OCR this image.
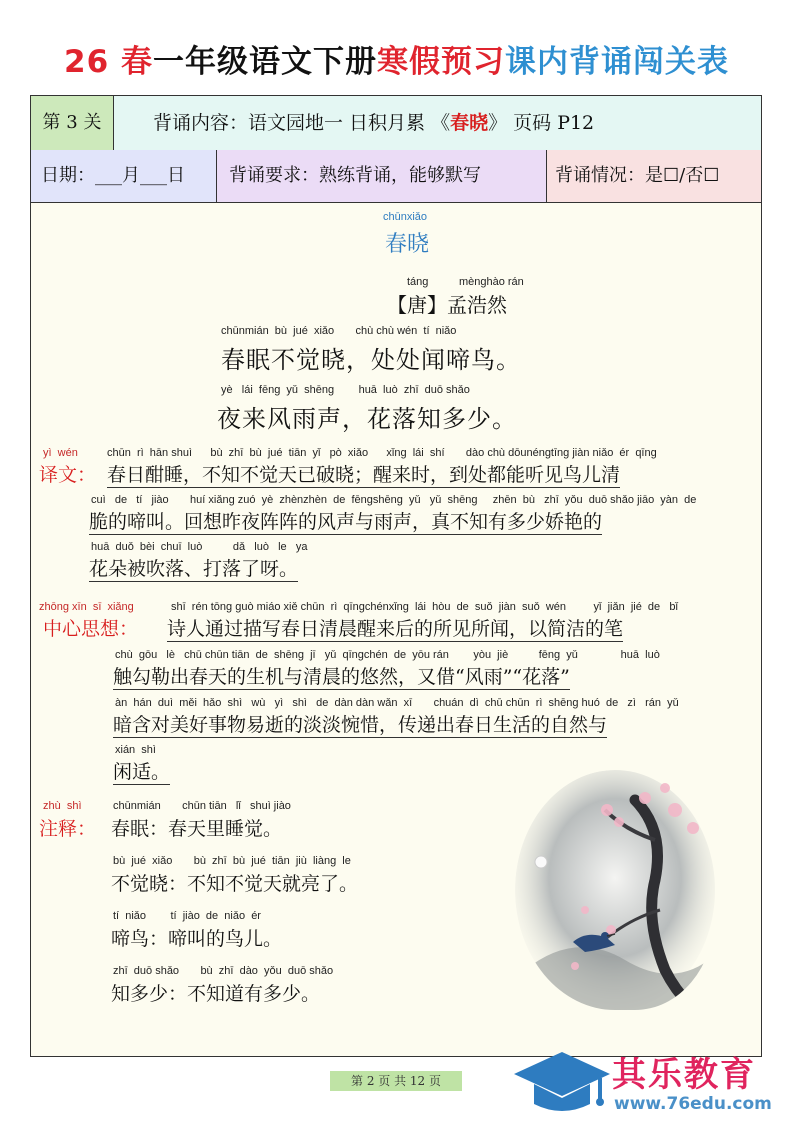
26 春一年级语文下册寒假预习课内背诵闯关表
第 3 关	背诵内容：语文园地一 日积月累 《春晓》 页码 P12
日期：___月___日	背诵要求：熟练背诵，能够默写	背诵情况：是☐/否☐
chūnxiǎo
春晓
táng          mènghào rán
【唐】孟浩然
chūnmián  bù  jué  xiǎo       chù chù wén  tí  niǎo
春眠不觉晓，处处闻啼鸟。
yè   lái  fēng  yǔ  shēng        huā  luò  zhī  duō shǎo
夜来风雨声，花落知多少。
yì  wén
译文：
chūn  rì  hān shuì      bù  zhī  bù  jué  tiān  yǐ   pò  xiǎo      xǐng  lái  shí       dào chù dōunéngtīng jiàn niǎo  ér  qīng
春日酣睡，不知不觉天已破晓；醒来时，到处都能听见鸟儿清
cuì   de   tí   jiào       huí xiǎng zuó  yè  zhènzhèn  de  fēngshēng  yǔ   yǔ  shēng     zhēn  bù   zhī  yǒu  duō shǎo jiāo  yàn  de
脆的啼叫。回想昨夜阵阵的风声与雨声，真不知有多少娇艳的
huā  duǒ  bèi  chuī  luò          dǎ   luò   le   ya
花朵被吹落、打落了呀。
zhōng xīn  sī  xiǎng
中心思想：
shī  rén tōng guò miáo xiě chūn  rì  qīngchénxǐng  lái  hòu  de  suǒ  jiàn  suǒ  wén         yǐ  jiǎn  jié  de   bǐ
诗人通过描写春日清晨醒来后的所见所闻，以简洁的笔
chù  gōu   lè   chū chūn tiān  de  shēng  jī   yǔ  qīngchén  de  yōu rán        yòu  jiè          fēng  yǔ              huā  luò
触勾勒出春天的生机与清晨的悠然，又借“风雨”“花落”
àn  hán  duì  měi  hǎo  shì   wù   yì   shì   de  dàn dàn wǎn  xī       chuán  dì  chū chūn  rì  shēng huó  de   zì   rán  yǔ
暗含对美好事物易逝的淡淡惋惜，传递出春日生活的自然与
xián  shì
闲适。
zhù  shì
注释：
chūnmián       chūn tiān   lǐ   shuì jiào
春眠：春天里睡觉。
bù  jué  xiǎo       bù  zhī  bù  jué  tiān  jiù  liàng  le
不觉晓：不知不觉天就亮了。
tí  niǎo        tí  jiào  de  niǎo  ér
啼鸟：啼叫的鸟儿。
zhī  duō shǎo       bù  zhī  dào  yǒu  duō shǎo
知多少：不知道有多少。
第 2 页 共 12 页	其乐教育
www.76edu.com
